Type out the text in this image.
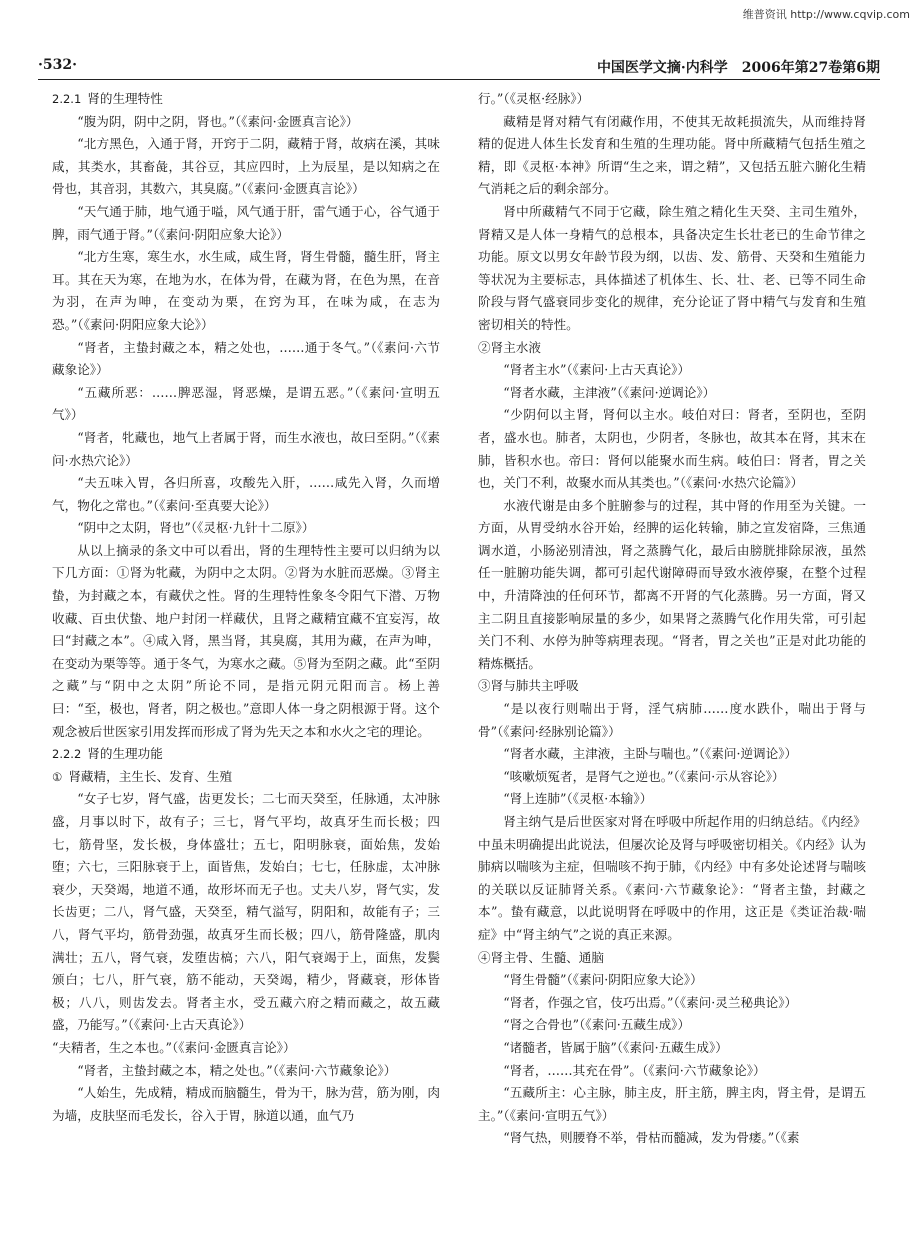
维普资讯 http://www.cqvip.com
·532·	中国医学文摘·内科学　2006年第27卷第6期

2.2.1 肾的生理特性

“腹为阴，阴中之阴，肾也。”（《素问·金匮真言论》）

“北方黑色，入通于肾，开窍于二阴，藏精于肾，故病在溪，其味咸，其类水，其畜彘，其谷豆，其应四时，上为辰星，是以知病之在骨也，其音羽，其数六，其臭腐。”（《素问·金匮真言论》）

“天气通于肺，地气通于嗌，风气通于肝，雷气通于心，谷气通于脾，雨气通于肾。”（《素问·阴阳应象大论》）

“北方生寒，寒生水，水生咸，咸生肾，肾生骨髓，髓生肝，肾主耳。其在天为寒，在地为水，在体为骨，在藏为肾，在色为黑，在音为羽，在声为呻，在变动为栗，在窍为耳，在味为咸，在志为恐。”（《素问·阴阳应象大论》）

“肾者，主蛰封藏之本，精之处也，……通于冬气。”（《素问·六节藏象论》）

“五藏所恶：……脾恶湿，肾恶燥，是谓五恶。”（《素问·宣明五气》）

“肾者，牝藏也，地气上者属于肾，而生水液也，故曰至阴。”（《素问·水热穴论》）

“夫五味入胃，各归所喜，攻酸先入肝，……咸先入肾，久而增气，物化之常也。”（《素问·至真要大论》）

“阴中之太阴，肾也”（《灵枢·九针十二原》）

从以上摘录的条文中可以看出，肾的生理特性主要可以归纳为以下几方面：①肾为牝藏，为阴中之太阴。②肾为水脏而恶燥。③肾主蛰，为封藏之本，有藏伏之性。肾的生理特性象冬令阳气下潜、万物收藏、百虫伏蛰、地户封闭一样藏伏，且肾之藏精宜藏不宜妄泻，故曰“封藏之本”。④咸入肾，黑当肾，其臭腐，其用为藏，在声为呻，在变动为栗等等。通于冬气，为寒水之藏。⑤肾为至阴之藏。此“至阴之藏”与“阴中之太阴”所论不同，是指元阴元阳而言。杨上善曰：“至，极也，肾者，阴之极也。”意即人体一身之阴根源于肾。这个观念被后世医家引用发挥而形成了肾为先天之本和水火之宅的理论。

2.2.2 肾的生理功能

① 肾藏精，主生长、发育、生殖

“女子七岁，肾气盛，齿更发长；二七而天癸至，任脉通，太冲脉盛，月事以时下，故有子；三七，肾气平均，故真牙生而长极；四七，筋骨坚，发长极，身体盛壮；五七，阳明脉衰，面始焦，发始堕；六七，三阳脉衰于上，面皆焦，发始白；七七，任脉虚，太冲脉衰少，天癸竭，地道不通，故形坏而无子也。丈夫八岁，肾气实，发长齿更；二八，肾气盛，天癸至，精气溢写，阴阳和，故能有子；三八，肾气平均，筋骨劲强，故真牙生而长极；四八，筋骨隆盛，肌肉满壮；五八，肾气衰，发堕齿槁；六八，阳气衰竭于上，面焦，发鬓颁白；七八，肝气衰，筋不能动，天癸竭，精少，肾藏衰，形体皆极；八八，则齿发去。肾者主水，受五藏六府之精而藏之，故五藏盛，乃能写。”（《素问·上古天真论》）

“夫精者，生之本也。”（《素问·金匮真言论》）

“肾者，主蛰封藏之本，精之处也。”（《素问·六节藏象论》）

“人始生，先成精，精成而脑髓生，骨为干，脉为营，筋为刚，肉为墙，皮肤坚而毛发长，谷入于胃，脉道以通，血气乃

行。”（《灵枢·经脉》）

藏精是肾对精气有闭藏作用，不使其无故耗损流失，从而维持肾精的促进人体生长发育和生殖的生理功能。肾中所藏精气包括生殖之精，即《灵枢·本神》所谓“生之来，谓之精”，又包括五脏六腑化生精气消耗之后的剩余部分。

肾中所藏精气不同于它藏，除生殖之精化生天癸、主司生殖外，肾精又是人体一身精气的总根本，具备决定生长壮老已的生命节律之功能。原文以男女年龄节段为纲，以齿、发、筋骨、天癸和生殖能力等状况为主要标志，具体描述了机体生、长、壮、老、已等不同生命阶段与肾气盛衰同步变化的规律，充分论证了肾中精气与发育和生殖密切相关的特性。

②肾主水液

“肾者主水”（《素问·上古天真论》）

“肾者水藏，主津液”（《素问·逆调论》）

“少阴何以主肾，肾何以主水。岐伯对曰：肾者，至阴也，至阴者，盛水也。肺者，太阴也，少阴者，冬脉也，故其本在肾，其末在肺，皆积水也。帝曰：肾何以能聚水而生病。岐伯曰：肾者，胃之关也，关门不利，故聚水而从其类也。”（《素问·水热穴论篇》）

水液代谢是由多个脏腑参与的过程，其中肾的作用至为关键。一方面，从胃受纳水谷开始，经脾的运化转输，肺之宣发宿降，三焦通调水道，小肠泌别清浊，肾之蒸腾气化，最后由膀胱排除尿液，虽然任一脏腑功能失调，都可引起代谢障碍而导致水液停聚，在整个过程中，升清降浊的任何环节，都离不开肾的气化蒸腾。另一方面，肾又主二阴且直接影响尿量的多少，如果肾之蒸腾气化作用失常，可引起关门不利、水停为肿等病理表现。“肾者，胃之关也”正是对此功能的精炼概括。

③肾与肺共主呼吸

“是以夜行则喘出于肾，淫气病肺……度水跌仆，喘出于肾与骨”（《素问·经脉别论篇》）

“肾者水藏，主津液，主卧与喘也。”（《素问·逆调论》）

“咳嗽烦冤者，是肾气之逆也。”（《素问·示从容论》）

“肾上连肺”（《灵枢·本输》）

肾主纳气是后世医家对肾在呼吸中所起作用的归纳总结。《内经》中虽未明确提出此说法，但屡次论及肾与呼吸密切相关。《内经》认为肺病以喘咳为主症，但喘咳不拘于肺，《内经》中有多处论述肾与喘咳的关联以反证肺肾关系。《素问·六节藏象论》：“肾者主蛰，封藏之本”。蛰有藏意，以此说明肾在呼吸中的作用，这正是《类证治裁·喘症》中“肾主纳气”之说的真正来源。

④肾主骨、生髓、通脑

“肾生骨髓”（《素问·阴阳应象大论》）

“肾者，作强之官，伎巧出焉。”（《素问·灵兰秘典论》）

“肾之合骨也”（《素问·五藏生成》）

“诸髓者，皆属于脑”（《素问·五藏生成》）

“肾者，……其充在骨”。（《素问·六节藏象论》）

“五藏所主：心主脉，肺主皮，肝主筋，脾主肉，肾主骨，是谓五主。”（《素问·宣明五气》）

“肾气热，则腰脊不举，骨枯而髓减，发为骨痿。”（《素
